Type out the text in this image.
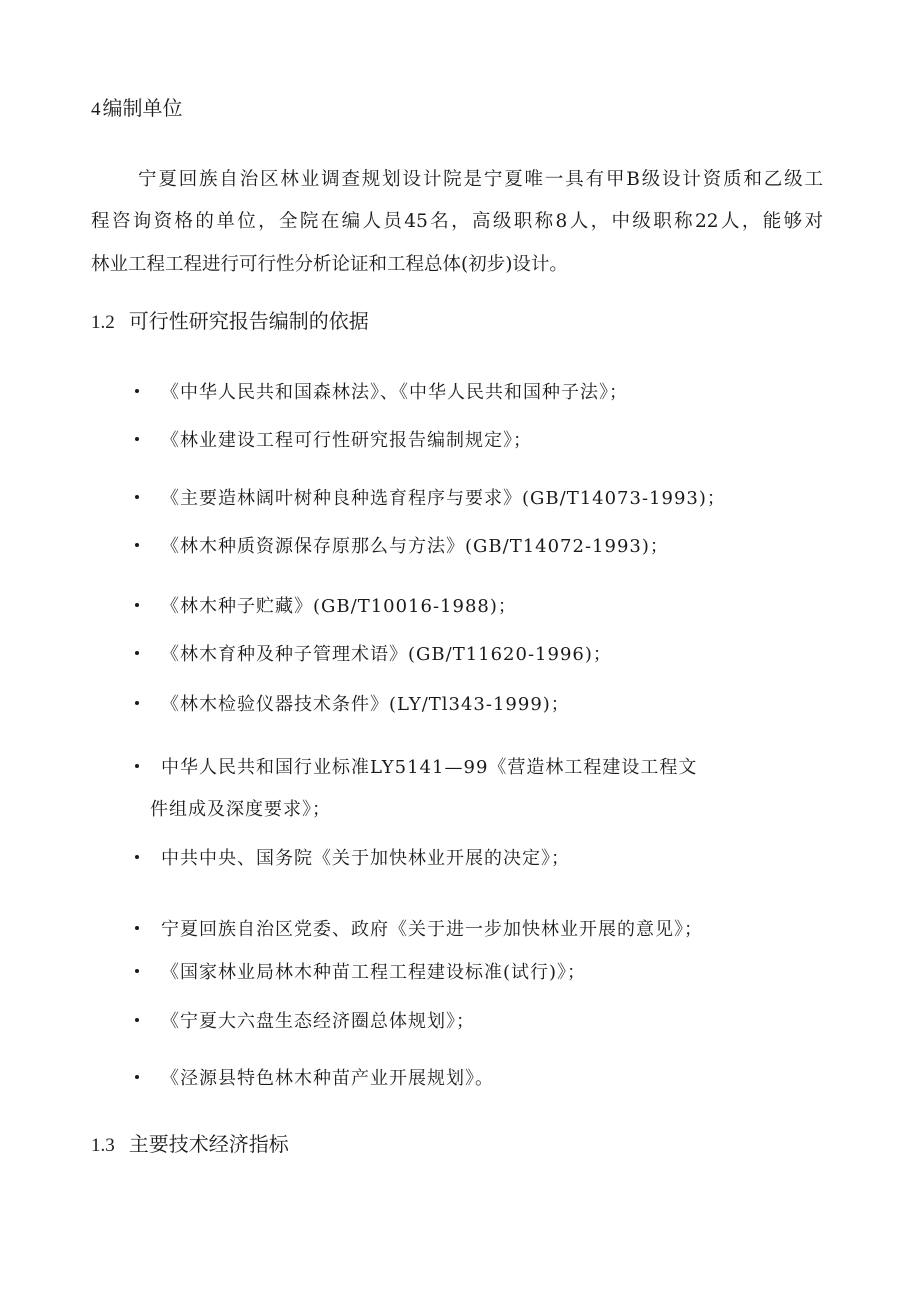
4 编制单位
宁夏回族自治区林业调查规划设计院是宁夏唯一具有甲B级设计资质和乙级工
程咨询资格的单位，全院在编人员45名，高级职称8人，中级职称22人，能够对
林业工程工程进行可行性分析论证和工程总体(初步)设计。
1.2 可行性研究报告编制的依据
《中华人民共和国森林法》、《中华人民共和国种子法》；
《林业建设工程可行性研究报告编制规定》；
《主要造林阔叶树种良种选育程序与要求》(GB/T14073-1993)；
《林木种质资源保存原那么与方法》(GB/T14072-1993)；
《林木种子贮藏》(GB/T10016-1988)；
《林木育种及种子管理术语》(GB/T11620-1996)；
《林木检验仪器技术条件》(LY/Tl343-1999)；
中华人民共和国行业标准LY5141—99《营造林工程建设工程文
件组成及深度要求》；
中共中央、国务院《关于加快林业开展的决定》；
宁夏回族自治区党委、政府《关于进一步加快林业开展的意见》；
《国家林业局林木种苗工程工程建设标准(试行)》；
《宁夏大六盘生态经济圈总体规划》；
《泾源县特色林木种苗产业开展规划》。
1.3 主要技术经济指标
